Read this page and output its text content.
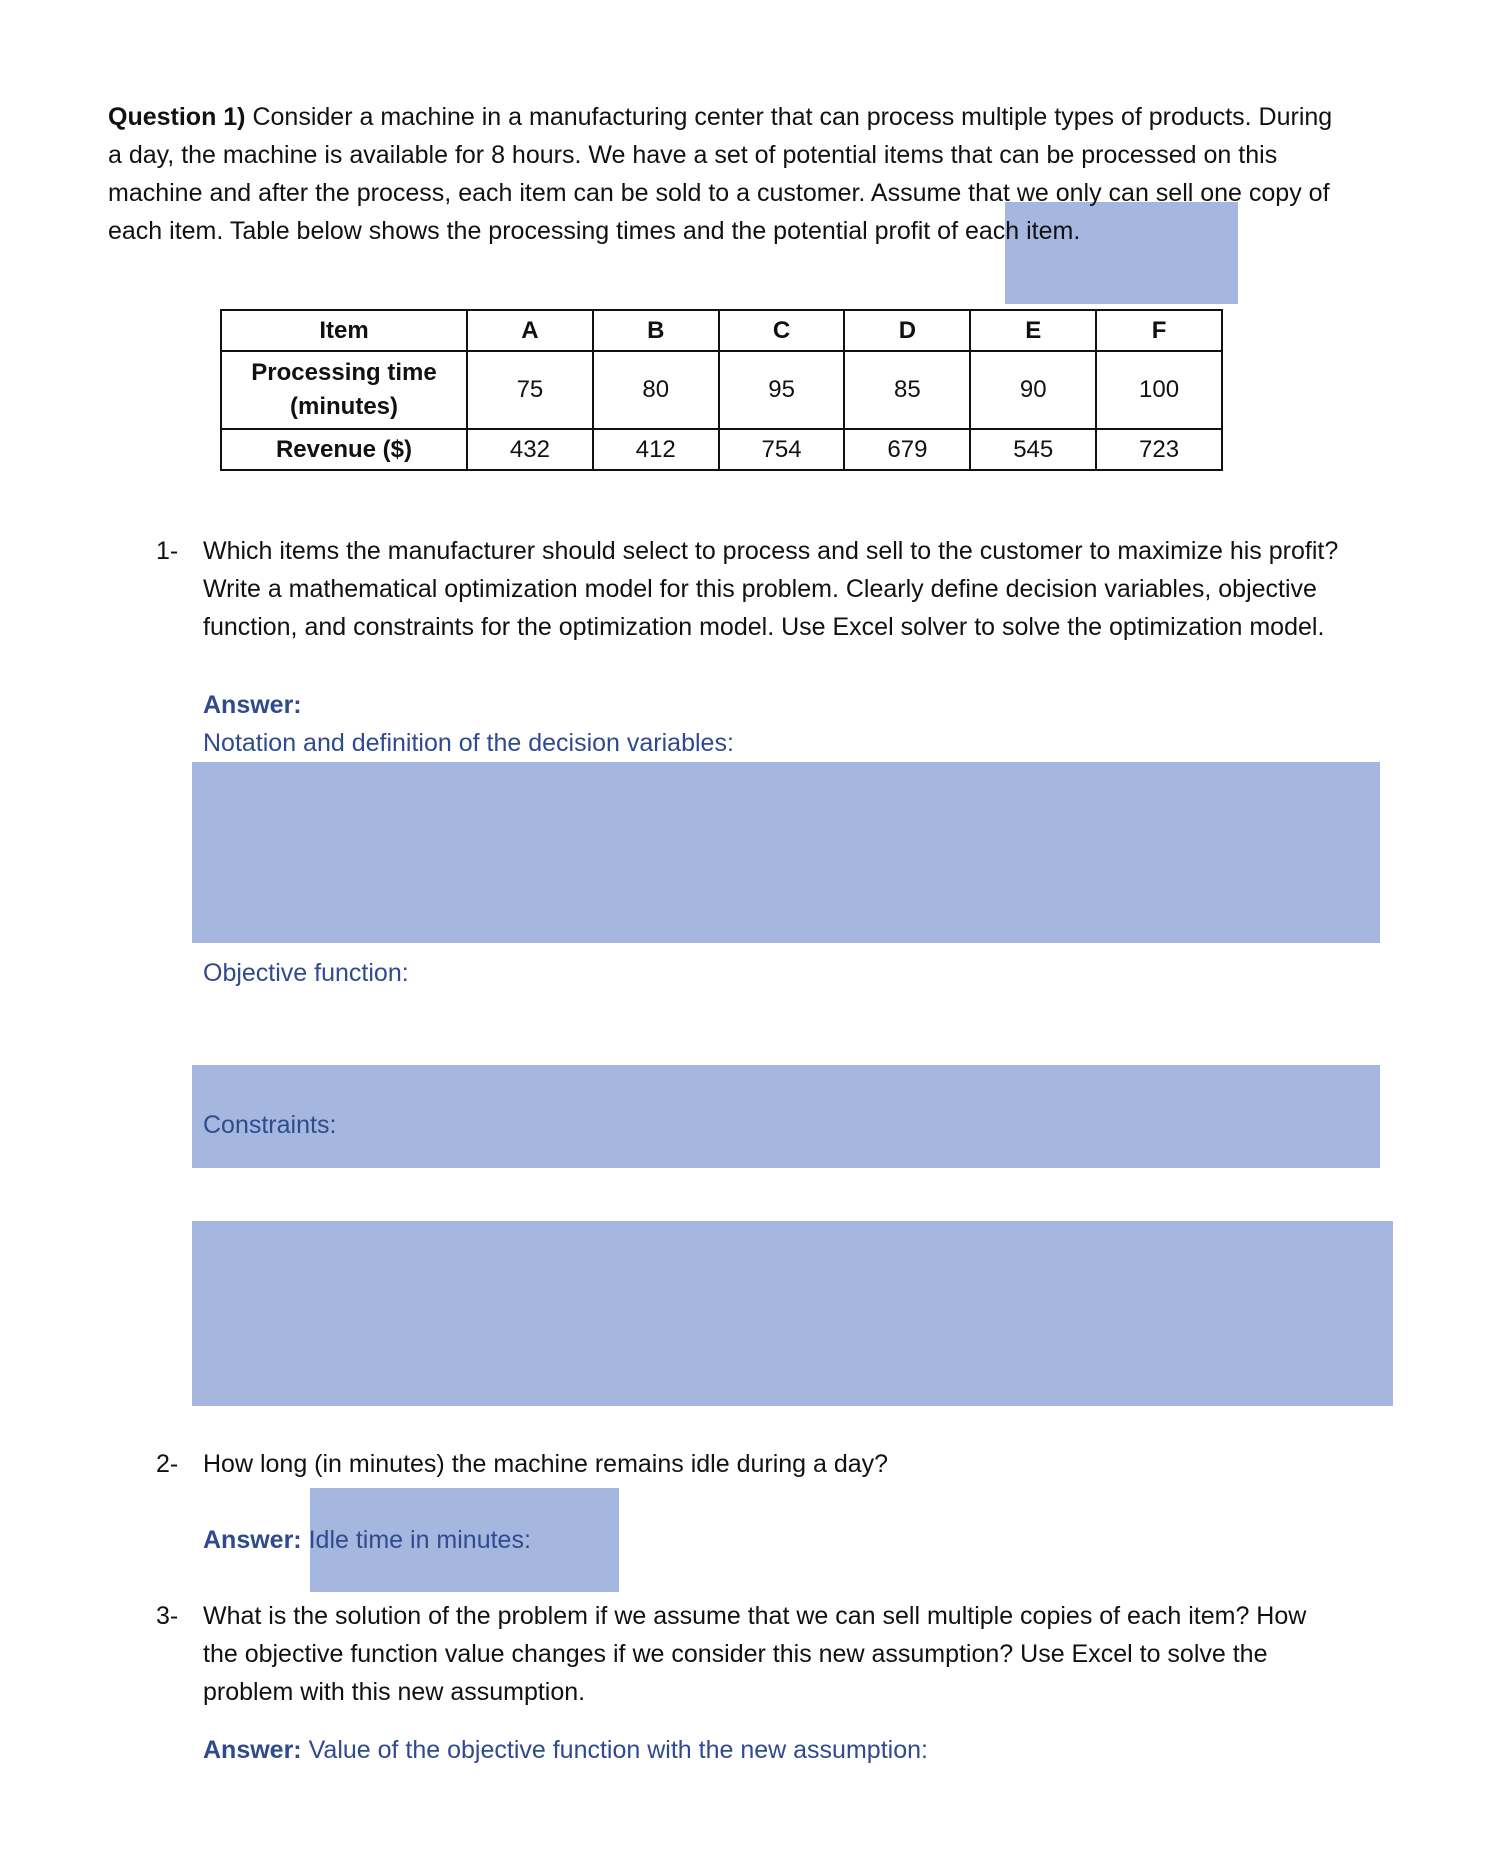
Question 1) Consider a machine in a manufacturing center that can process multiple types of products. During a day, the machine is available for 8 hours. We have a set of potential items that can be processed on this machine and after the process, each item can be sold to a customer. Assume that we only can sell one copy of each item. Table below shows the processing times and the potential profit of each item.

Item	A	B	C	D	E	F
Processing time (minutes)	75	80	95	85	90	100
Revenue ($)	432	412	754	679	545	723
1- Which items the manufacturer should select to process and sell to the customer to maximize his profit? Write a mathematical optimization model for this problem. Clearly define decision variables, objective function, and constraints for the optimization model. Use Excel solver to solve the optimization model.

Answer:

Notation and definition of the decision variables:

Objective function:

Constraints:

2- How long (in minutes) the machine remains idle during a day?

Answer: Idle time in minutes:

3- What is the solution of the problem if we assume that we can sell multiple copies of each item? How the objective function value changes if we consider this new assumption? Use Excel to solve the problem with this new assumption.

Answer: Value of the objective function with the new assumption:
